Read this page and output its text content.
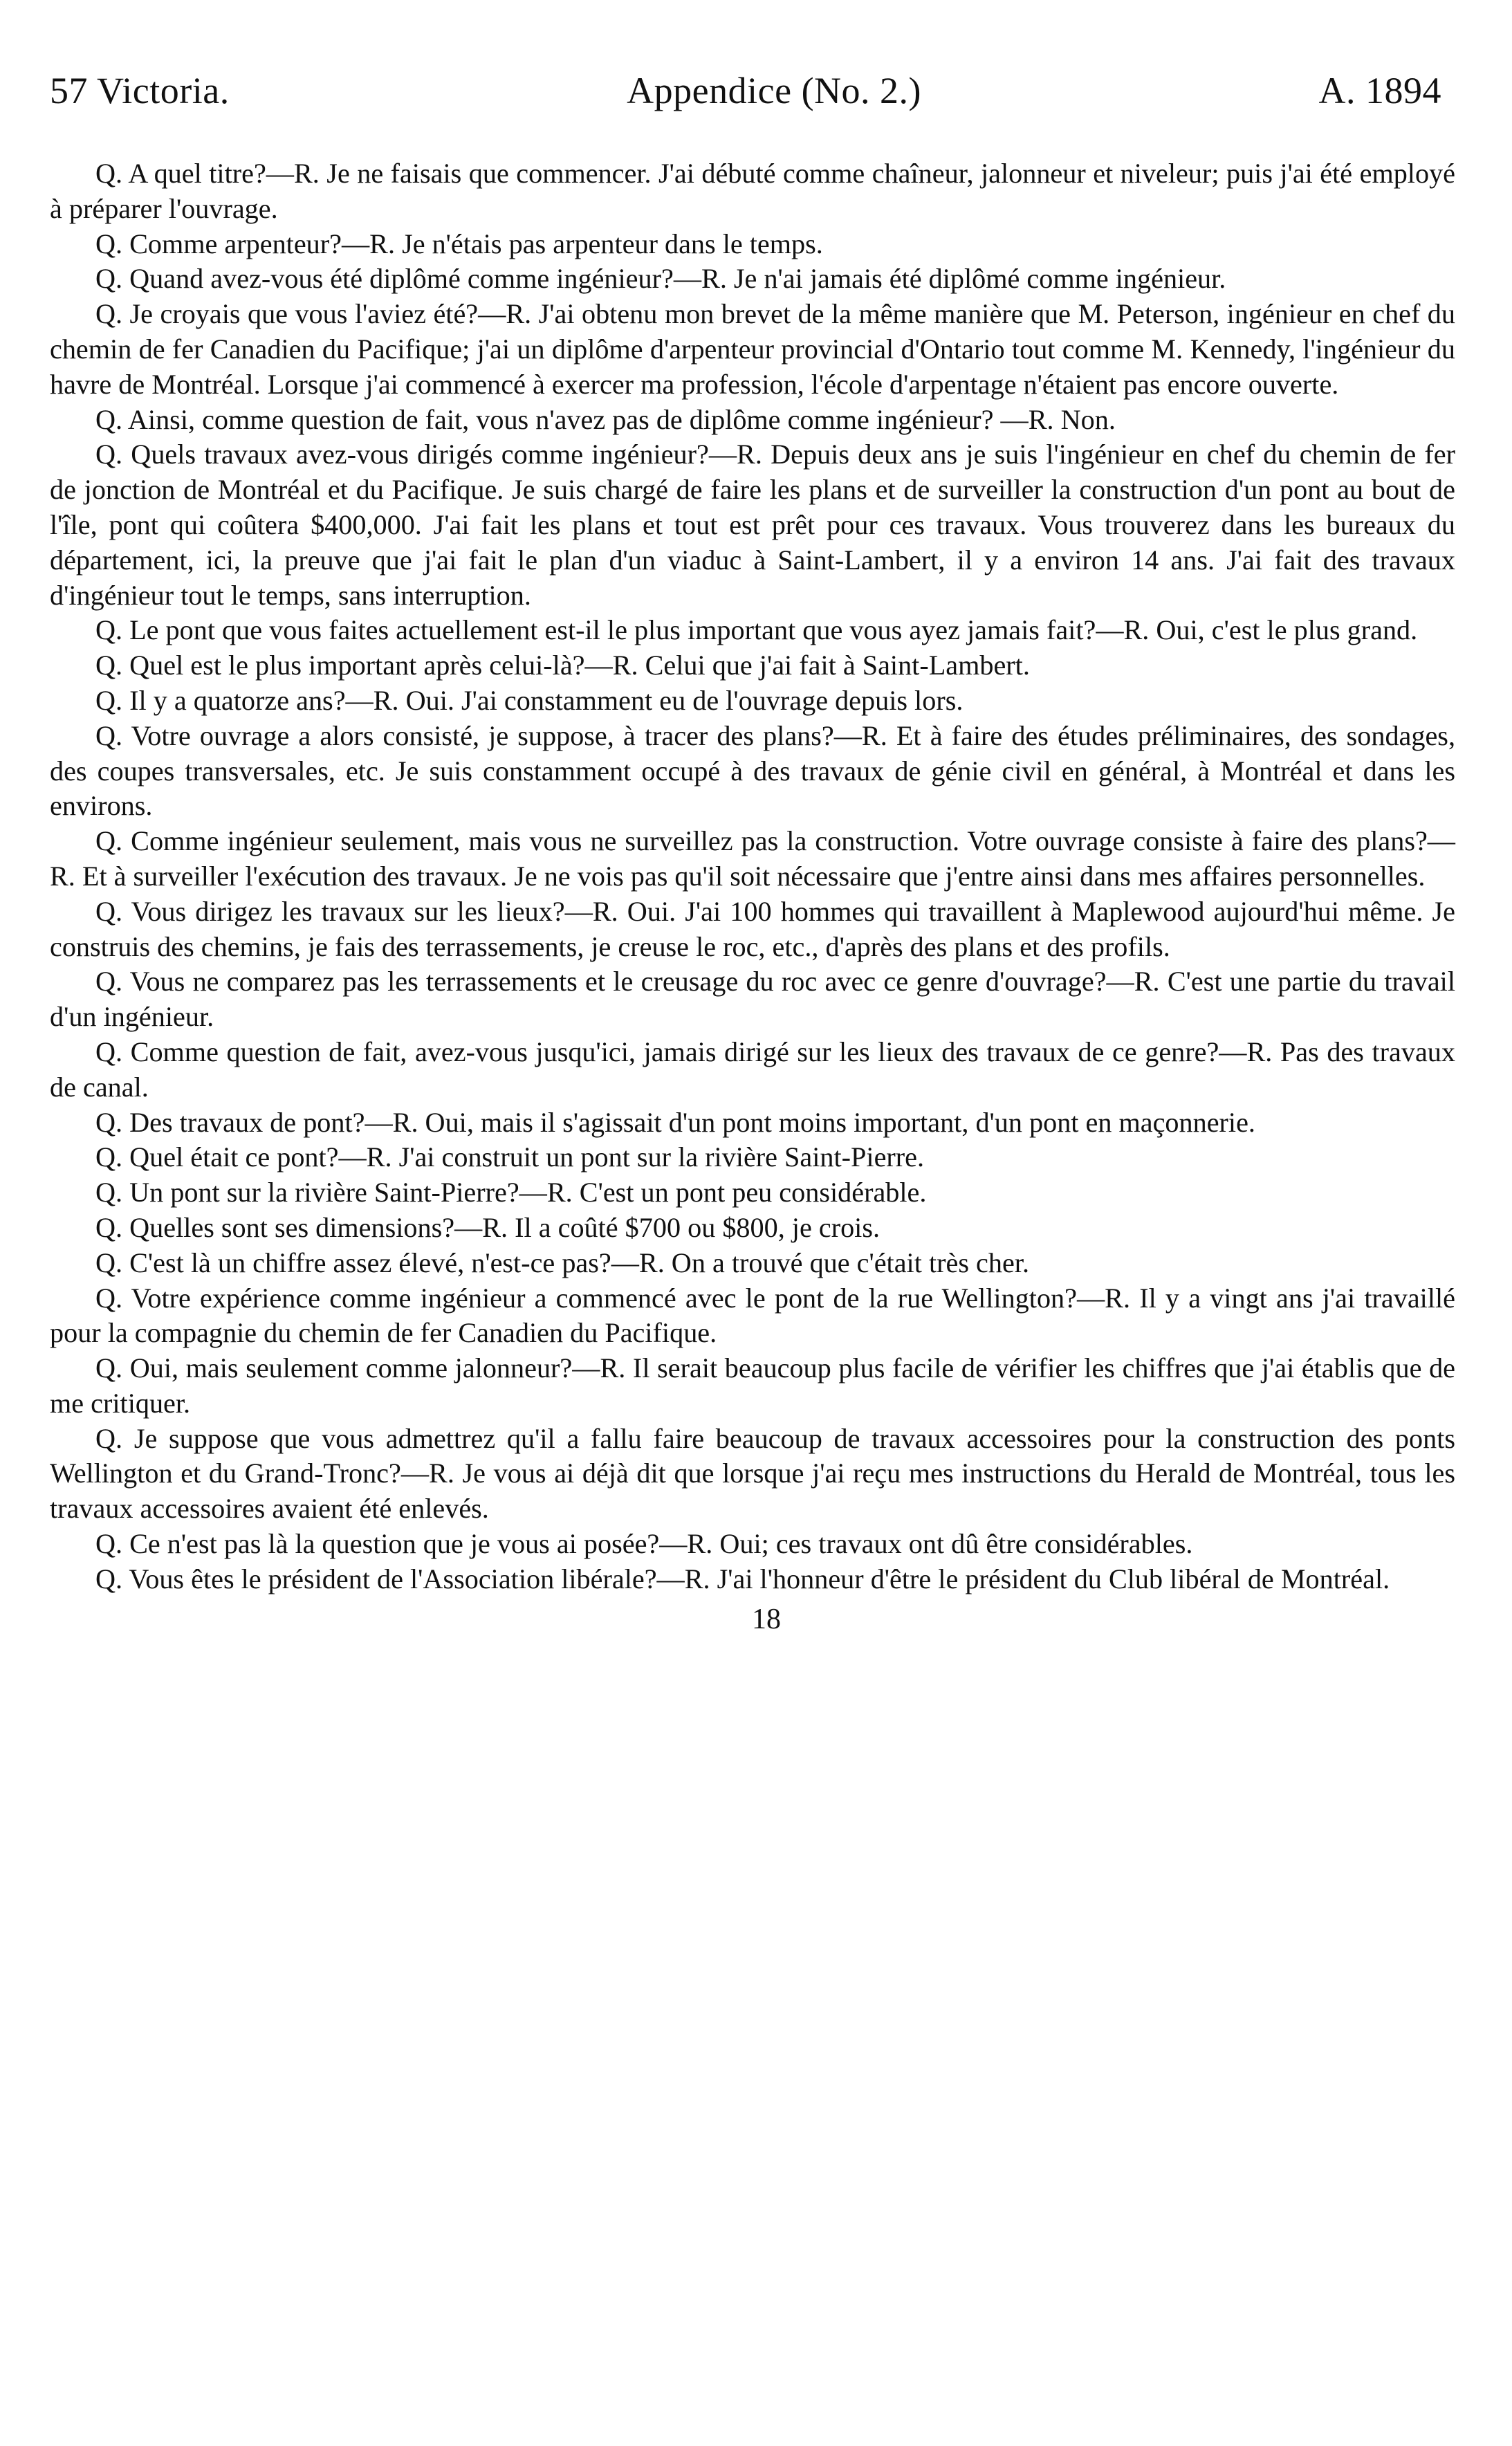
57 Victoria.	Appendice (No. 2.)	A. 1894

Q. A quel titre?—R. Je ne faisais que commencer. J'ai débuté comme chaîneur, jalonneur et niveleur; puis j'ai été employé à préparer l'ouvrage.

Q. Comme arpenteur?—R. Je n'étais pas arpenteur dans le temps.

Q. Quand avez-vous été diplômé comme ingénieur?—R. Je n'ai jamais été diplômé comme ingénieur.

Q. Je croyais que vous l'aviez été?—R. J'ai obtenu mon brevet de la même manière que M. Peterson, ingénieur en chef du chemin de fer Canadien du Pacifique; j'ai un diplôme d'arpenteur provincial d'Ontario tout comme M. Kennedy, l'ingénieur du havre de Montréal. Lorsque j'ai commencé à exercer ma profession, l'école d'arpentage n'étaient pas encore ouverte.

Q. Ainsi, comme question de fait, vous n'avez pas de diplôme comme ingénieur? —R. Non.

Q. Quels travaux avez-vous dirigés comme ingénieur?—R. Depuis deux ans je suis l'ingénieur en chef du chemin de fer de jonction de Montréal et du Pacifique. Je suis chargé de faire les plans et de surveiller la construction d'un pont au bout de l'île, pont qui coûtera $400,000. J'ai fait les plans et tout est prêt pour ces travaux. Vous trouverez dans les bureaux du département, ici, la preuve que j'ai fait le plan d'un viaduc à Saint-Lambert, il y a environ 14 ans. J'ai fait des travaux d'ingénieur tout le temps, sans interruption.

Q. Le pont que vous faites actuellement est-il le plus important que vous ayez jamais fait?—R. Oui, c'est le plus grand.

Q. Quel est le plus important après celui-là?—R. Celui que j'ai fait à Saint-Lambert.

Q. Il y a quatorze ans?—R. Oui. J'ai constamment eu de l'ouvrage depuis lors.

Q. Votre ouvrage a alors consisté, je suppose, à tracer des plans?—R. Et à faire des études préliminaires, des sondages, des coupes transversales, etc. Je suis constamment occupé à des travaux de génie civil en général, à Montréal et dans les environs.

Q. Comme ingénieur seulement, mais vous ne surveillez pas la construction. Votre ouvrage consiste à faire des plans?—R. Et à surveiller l'exécution des travaux. Je ne vois pas qu'il soit nécessaire que j'entre ainsi dans mes affaires personnelles.

Q. Vous dirigez les travaux sur les lieux?—R. Oui. J'ai 100 hommes qui travaillent à Maplewood aujourd'hui même. Je construis des chemins, je fais des terrassements, je creuse le roc, etc., d'après des plans et des profils.

Q. Vous ne comparez pas les terrassements et le creusage du roc avec ce genre d'ouvrage?—R. C'est une partie du travail d'un ingénieur.

Q. Comme question de fait, avez-vous jusqu'ici, jamais dirigé sur les lieux des travaux de ce genre?—R. Pas des travaux de canal.

Q. Des travaux de pont?—R. Oui, mais il s'agissait d'un pont moins important, d'un pont en maçonnerie.

Q. Quel était ce pont?—R. J'ai construit un pont sur la rivière Saint-Pierre.

Q. Un pont sur la rivière Saint-Pierre?—R. C'est un pont peu considérable.

Q. Quelles sont ses dimensions?—R. Il a coûté $700 ou $800, je crois.

Q. C'est là un chiffre assez élevé, n'est-ce pas?—R. On a trouvé que c'était très cher.

Q. Votre expérience comme ingénieur a commencé avec le pont de la rue Wellington?—R. Il y a vingt ans j'ai travaillé pour la compagnie du chemin de fer Canadien du Pacifique.

Q. Oui, mais seulement comme jalonneur?—R. Il serait beaucoup plus facile de vérifier les chiffres que j'ai établis que de me critiquer.

Q. Je suppose que vous admettrez qu'il a fallu faire beaucoup de travaux accessoires pour la construction des ponts Wellington et du Grand-Tronc?—R. Je vous ai déjà dit que lorsque j'ai reçu mes instructions du Herald de Montréal, tous les travaux accessoires avaient été enlevés.

Q. Ce n'est pas là la question que je vous ai posée?—R. Oui; ces travaux ont dû être considérables.

Q. Vous êtes le président de l'Association libérale?—R. J'ai l'honneur d'être le président du Club libéral de Montréal.

18
